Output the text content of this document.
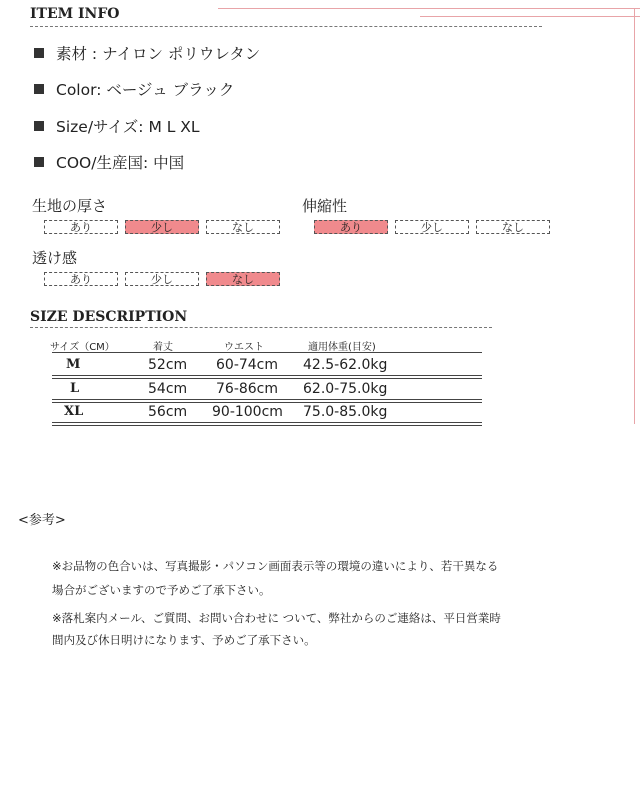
ITEM INFO
素材 : ナイロン ポリウレタン
Color: ベージュ ブラック
Size/サイズ: M L XL
COO/生産国: 中国
生地の厚さ
あり	少し	なし
伸縮性
あり	少し	なし
透け感
あり	少し	なし
SIZE DESCRIPTION
サイズ（CM）	着丈	ウエスト	適用体重(目安)
M	52cm 60-74cm 42.5-62.0kg
L	54cm 76-86cm 62.0-75.0kg
XL	56cm 90-100cm 75.0-85.0kg
<参考>
※お品物の色合いは、写真撮影・パソコン画面表示等の環境の違いにより、若干異なる
場合がございますので予めご了承下さい。
※落札案内メール、ご質問、お問い合わせに ついて、弊社からのご連絡は、平日営業時
間内及び休日明けになります、予めご了承下さい。
